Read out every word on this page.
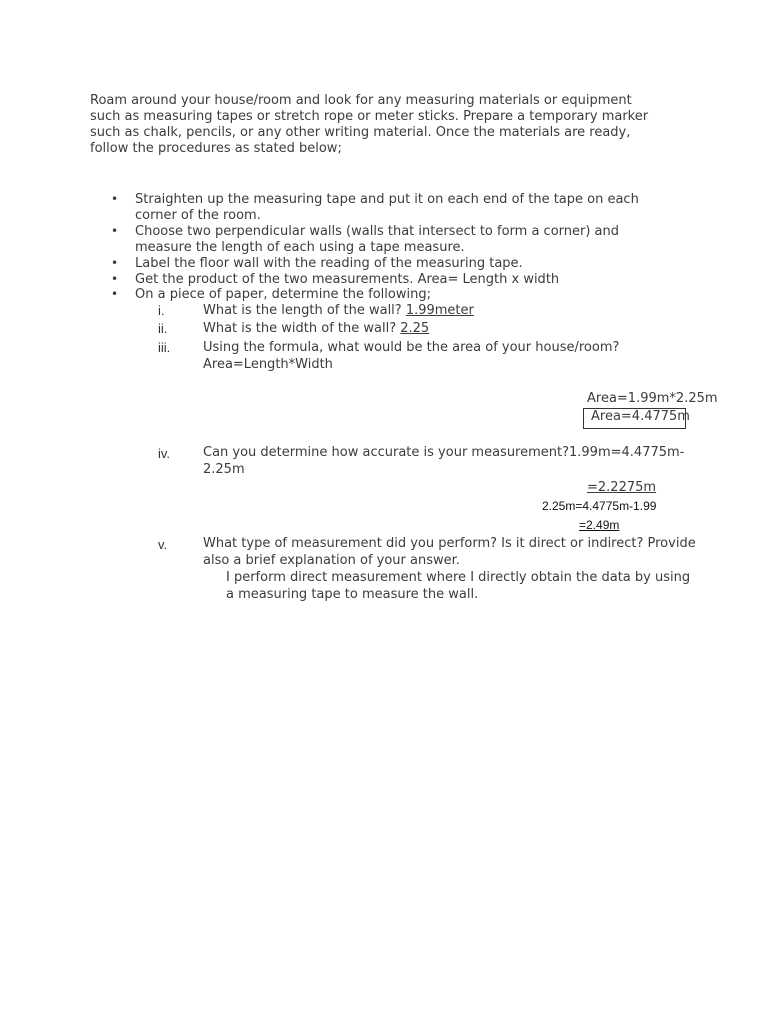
Roam around your house/room and look for any measuring materials or equipment
such as measuring tapes or stretch rope or meter sticks. Prepare a temporary marker
such as chalk, pencils, or any other writing material. Once the materials are ready,
follow the procedures as stated below;
• Straighten up the measuring tape and put it on each end of the tape on each
corner of the room.
• Choose two perpendicular walls (walls that intersect to form a corner) and
measure the length of each using a tape measure.
• Label the floor wall with the reading of the measuring tape.
• Get the product of the two measurements. Area= Length x width
• On a piece of paper, determine the following;
i.	What is the length of the wall? 1.99meter
ii.	What is the width of the wall? 2.25
iii.	Using the formula, what would be the area of your house/room?
Area=Length*Width
Area=1.99m*2.25m
Area=4.4775m
iv.	Can you determine how accurate is your measurement?1.99m=4.4775m-
2.25m
=2.2275m
2.25m=4.4775m-1.99
=2.49m
v.	What type of measurement did you perform? Is it direct or indirect? Provide
also a brief explanation of your answer.
I perform direct measurement where I directly obtain the data by using
a measuring tape to measure the wall.
